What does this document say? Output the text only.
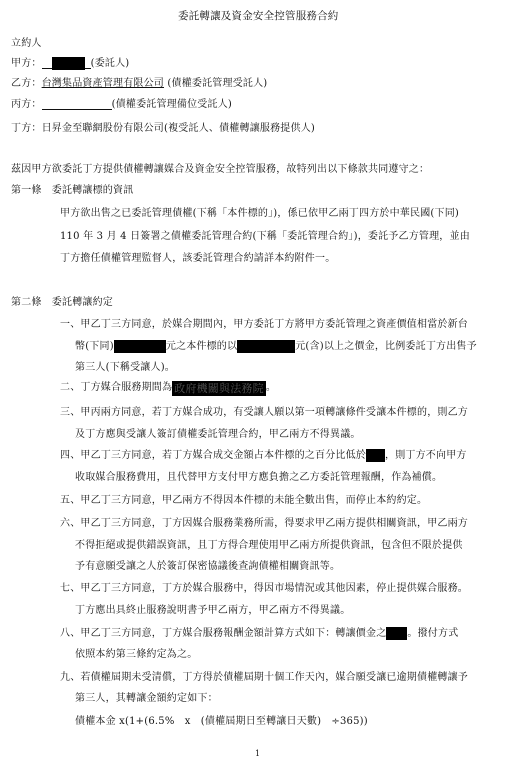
委託轉讓及資金安全控管服務合約
立約人
甲方：	(委託人)
乙方：台灣集品資產管理有限公司 (債權委託管理受託人)
丙方：	(債權委託管理備位受託人)
丁方：日昇金至聯網股份有限公司(複受託人、債權轉讓服務提供人)
茲因甲方欲委託丁方提供債權轉讓媒合及資金安全控管服務，故特列出以下條款共同遵守之：
第一條　委託轉讓標的資訊
甲方欲出售之已委託管理債權(下稱「本件標的」)，係已依甲乙兩丁四方於中華民國(下同)
110 年 3 月 4 日簽署之債權委託管理合約(下稱「委託管理合約」)，委託予乙方管理，並由
丁方擔任債權管理監督人，該委託管理合約請詳本約附件一。
第二條　委託轉讓約定
一、甲乙丁三方同意，於媒合期間內，甲方委託丁方將甲方委託管理之資產價值相當於新台
幣(下同)	元之本件標的以	元(含)以上之價金，比例委託丁方出售予
第三人(下稱受讓人)。
二、丁方媒合服務期間為 政府機關與法務院 。
三、甲丙兩方同意，若丁方媒合成功，有受讓人願以第一項轉讓條件受讓本件標的，則乙方
及丁方應與受讓人簽訂債權委託管理合約，甲乙兩方不得異議。
四、甲乙丁三方同意，若丁方媒合成交金額占本件標的之百分比低於 ，則丁方不向甲方
收取媒合服務費用，且代替甲方支付甲方應負擔之乙方委託管理報酬，作為補償。
五、甲乙丁三方同意，甲乙兩方不得因本件標的未能全數出售，而停止本約約定。
六、甲乙丁三方同意，丁方因媒合服務業務所需，得要求甲乙兩方提供相關資訊，甲乙兩方
不得拒絕或提供錯誤資訊，且丁方得合理使用甲乙兩方所提供資訊，包含但不限於提供
予有意願受讓之人於簽訂保密協議後查詢債權相關資訊等。
七、甲乙丁三方同意，丁方於媒合服務中，得因市場情況或其他因素，停止提供媒合服務。
丁方應出具終止服務說明書予甲乙兩方，甲乙兩方不得異議。
八、甲乙丁三方同意，丁方媒合服務報酬金額計算方式如下：轉讓價金之 。撥付方式
依照本約第三條約定為之。
九、若債權屆期未受清償，丁方得於債權屆期十個工作天內，媒合願受讓已逾期債權轉讓予
第三人，其轉讓金額約定如下：
債權本金 x(1+(6.5%　x　(債權屆期日至轉讓日天數)　÷365))
1
